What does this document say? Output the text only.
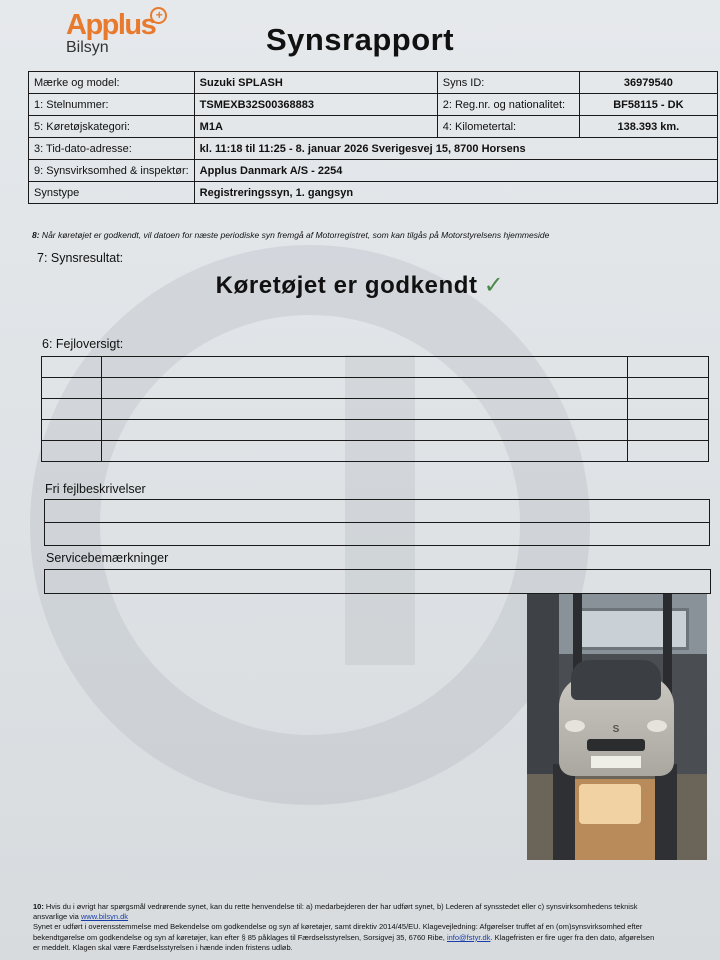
Applus +
Bilsyn	Synsrapport
Mærke og model:	Suzuki SPLASH	Syns ID:	36979540
1: Stelnummer:	TSMEXB32S00368883	2: Reg.nr. og nationalitet:	BF58115 - DK
5: Køretøjskategori:	M1A	4: Kilometertal:	138.393 km.
3: Tid-dato-adresse:	kl. 11:18 til 11:25 - 8. januar 2026 Sverigesvej 15, 8700 Horsens		
9: Synsvirksomhed & inspektør:	Applus Danmark A/S - 2254		
Synstype	Registreringssyn, 1. gangsyn		
8: Når køretøjet er godkendt, vil datoen for næste periodiske syn fremgå af Motorregistret, som kan tilgås på Motorstyrelsens hjemmeside
7: Synsresultat:
Køretøjet er godkendt ✓
6: Fejloversigt:

Fri fejlbeskrivelser
Servicebemærkninger
S
10: Hvis du i øvrigt har spørgsmål vedrørende synet, kan du rette henvendelse til: a) medarbejderen der har udført synet, b) Lederen af synsstedet eller c) synsvirksomhedens teknisk
ansvarlige via www.bilsyn.dk
Synet er udført i overensstemmelse med Bekendelse om godkendelse og syn af køretøjer, samt direktiv 2014/45/EU. Klagevejledning: Afgørelser truffet af en (om)synsvirksomhed efter
bekendtgørelse om godkendelse og syn af køretøjer, kan efter § 85 påklages til Færdselsstyrelsen, Sorsigvej 35, 6760 Ribe, info@fstyr.dk. Klagefristen er fire uger fra den dato, afgørelsen
er meddelt. Klagen skal være Færdselsstyrelsen i hænde inden fristens udløb.
